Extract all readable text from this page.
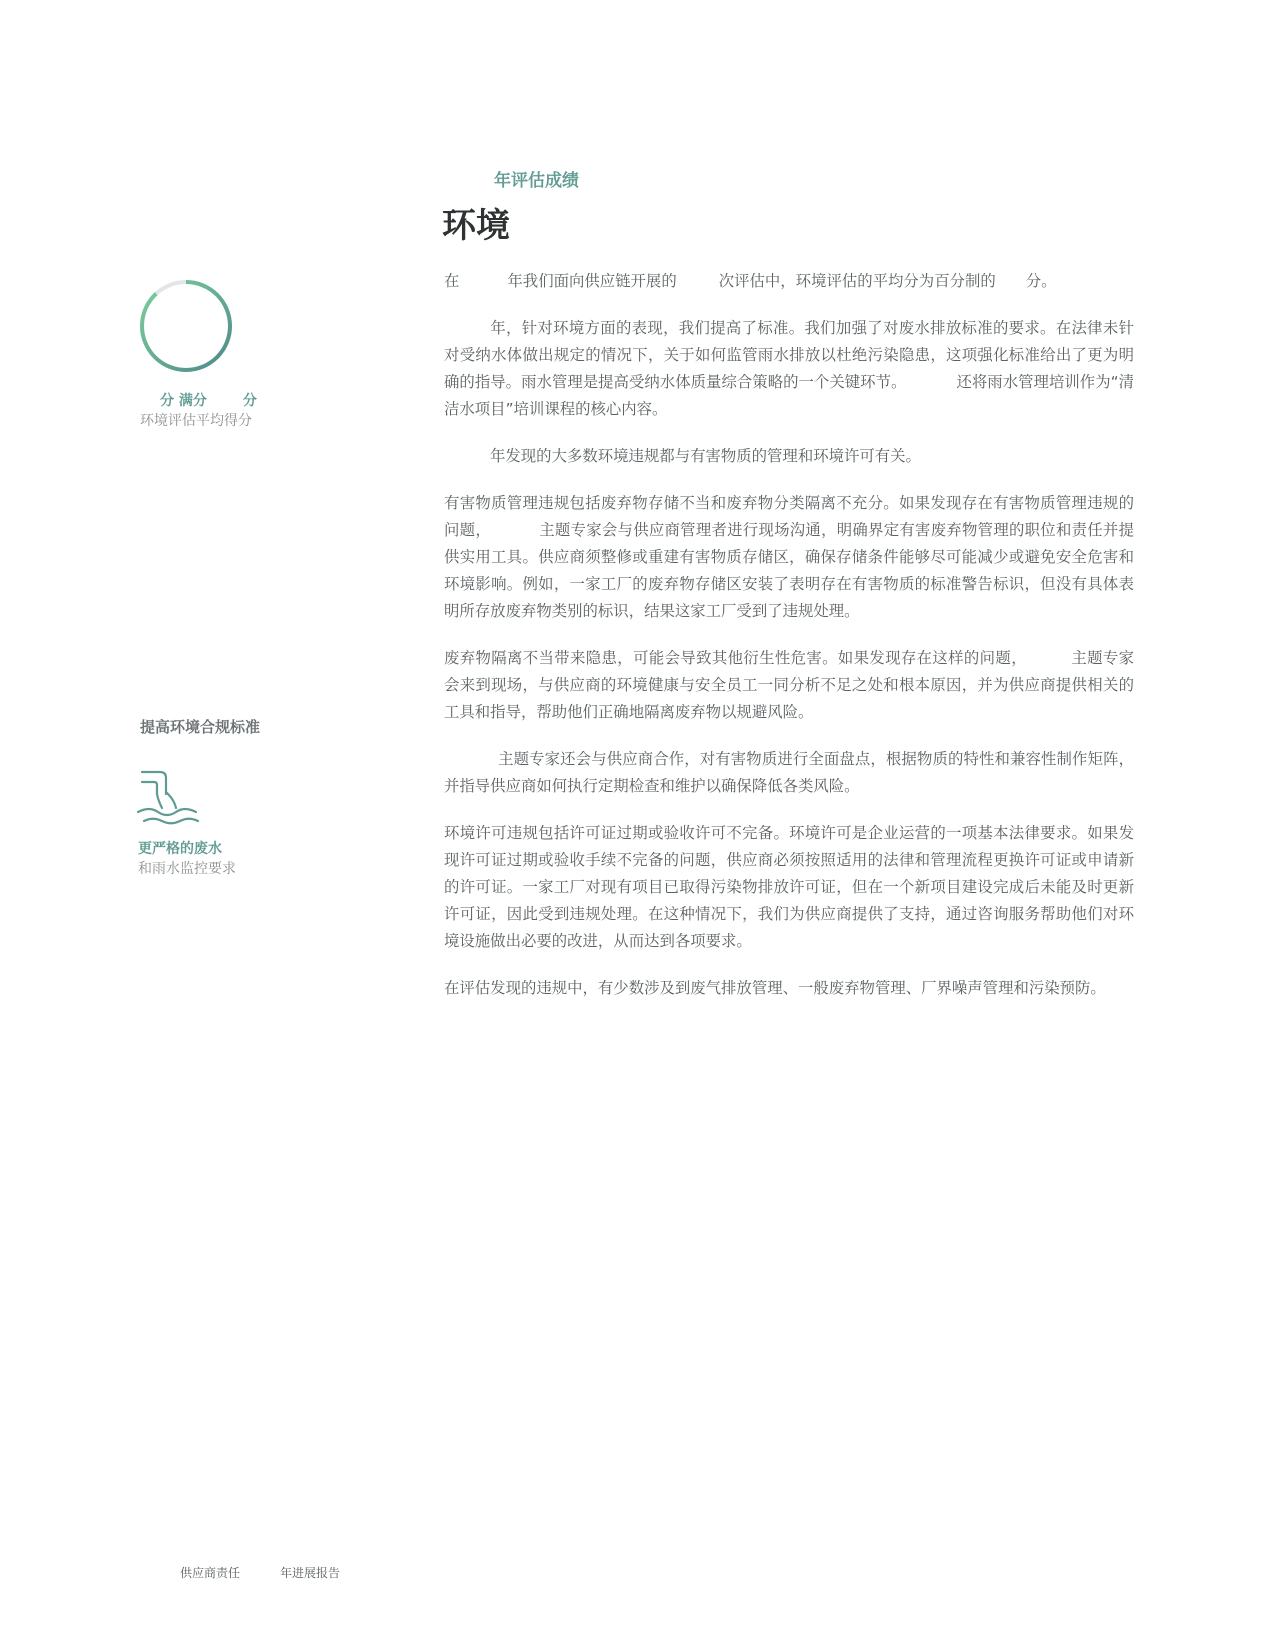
分 满分	分
环境评估平均得分
提高环境合规标准
更严格的废水
和雨水监控要求
年评估成绩
环境

在	年我们面向供应链开展的	次评估中，环境评估的平均分为百分制的 分。

年，针对环境方面的表现，我们提高了标准。我们加强了对废水排放标准的要求。在法律未针对受纳水体做出规定的情况下，关于如何监管雨水排放以杜绝污染隐患，这项强化标准给出了更为明确的指导。雨水管理是提高受纳水体质量综合策略的一个关键环节。	还将雨水管理培训作为“清洁水项目”培训课程的核心内容。

年发现的大多数环境违规都与有害物质的管理和环境许可有关。

有害物质管理违规包括废弃物存储不当和废弃物分类隔离不充分。如果发现存在有害物质管理违规的问题，	主题专家会与供应商管理者进行现场沟通，明确界定有害废弃物管理的职位和责任并提供实用工具。供应商须整修或重建有害物质存储区，确保存储条件能够尽可能减少或避免安全危害和环境影响。例如，一家工厂的废弃物存储区安装了表明存在有害物质的标准警告标识，但没有具体表明所存放废弃物类别的标识，结果这家工厂受到了违规处理。

废弃物隔离不当带来隐患，可能会导致其他衍生性危害。如果发现存在这样的问题，	主题专家会来到现场，与供应商的环境健康与安全员工一同分析不足之处和根本原因，并为供应商提供相关的工具和指导，帮助他们正确地隔离废弃物以规避风险。

主题专家还会与供应商合作，对有害物质进行全面盘点，根据物质的特性和兼容性制作矩阵，并指导供应商如何执行定期检查和维护以确保降低各类风险。

环境许可违规包括许可证过期或验收许可不完备。环境许可是企业运营的一项基本法律要求。如果发现许可证过期或验收手续不完备的问题，供应商必须按照适用的法律和管理流程更换许可证或申请新的许可证。一家工厂对现有项目已取得污染物排放许可证，但在一个新项目建设完成后未能及时更新许可证，因此受到违规处理。在这种情况下，我们为供应商提供了支持，通过咨询服务帮助他们对环境设施做出必要的改进，从而达到各项要求。

在评估发现的违规中，有少数涉及到废气排放管理、一般废弃物管理、厂界噪声管理和污染预防。

供应商责任	年进展报告
